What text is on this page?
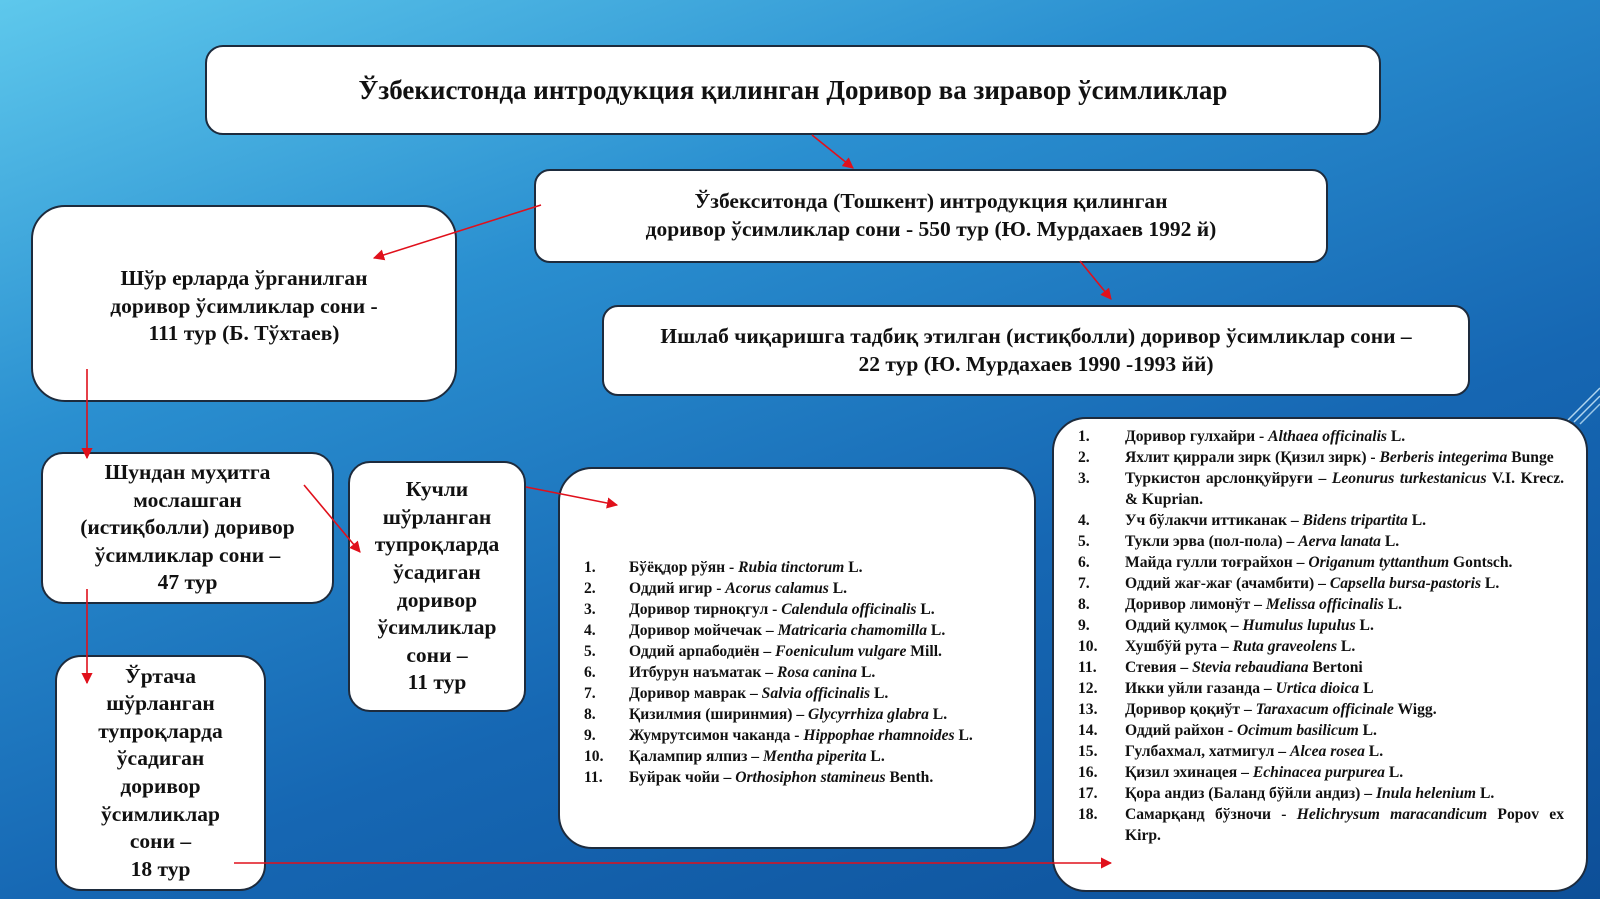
Ўзбекистонда интродукция қилинган Доривор ва зиравор ўсимликлар
Ўзбекситонда (Тошкент) интродукция қилинган
доривор ўсимликлар сони - 550 тур (Ю. Мурдахаев 1992 й)
Шўр ерларда ўрганилган
доривор ўсимликлар сони -
111 тур (Б. Тўхтаев)	Ишлаб чиқаришга тадбиқ этилган (истиқболли) доривор ўсимликлар сони –
22 тур (Ю. Мурдахаев 1990 -1993 йй)
Шундан муҳитга
мослашган
(истиқболли) доривор
ўсимликлар сони –
47 тур
Кучли
шўрланган
тупроқларда
ўсадиган
доривор
ўсимликлар
сони –
11 тур
Ўртача
шўрланган
тупроқларда
ўсадиган
доривор
ўсимликлар
сони –
18 тур
1.	Бўёқдор рўян - Rubia tinctorum L.
2.	Оддий игир - Acorus calamus L.
3.	Доривор тирноқгул - Calendula officinalis L.
4.	Доривор мойчечак – Matricaria chamomilla L.
5.	Оддий арпабодиён – Foeniculum vulgare Mill.
6.	Итбурун наъматак – Rosa canina L.
7.	Доривор маврак – Salvia officinalis L.
8.	Қизилмия (ширинмия) – Glycyrrhiza glabra L.
9.	Жумрутсимон чаканда - Hippophae rhamnoides L.
10.	Қалампир ялпиз – Mentha piperita L.
11.	Буйрак чойи – Orthosiphon stamineus Benth.
1.	Доривор гулхайри - Althaea officinalis L.
2.	Яхлит қиррали зирк (Қизил зирк) - Berberis integerima Bunge
3.	Туркистон арслонқуйруғи – Leonurus turkestanicus V.I. Krecz. & Kuprian.
4.	Уч бўлакчи иттиканак – Bidens tripartita L.
5.	Тукли эрва (пол-пола) – Aerva lanata L.
6.	Майда гулли тоғрайхон – Origanum tyttanthum Gontsch.
7.	Оддий жағ-жағ (ачамбити) – Capsella bursa-pastoris L.
8.	Доривор лимонўт – Melissa officinalis L.
9.	Оддий қулмоқ – Humulus lupulus L.
10.	Хушбўй рута – Ruta graveolens L.
11.	Стевия – Stevia rebaudiana Bertoni
12.	Икки уйли газанда – Urtica dioica L
13.	Доривор қоқиўт – Taraxacum officinale Wigg.
14.	Оддий райхон - Ocimum basilicum L.
15.	Гулбахмал, хатмигул – Alcea rosea L.
16.	Қизил эхинацея – Echinacea purpurea L.
17.	Қора андиз (Баланд бўйли андиз) – Inula helenium L.
18.	Самарқанд бўзночи - Helichrysum maracandicum Popov ex Kirp.
